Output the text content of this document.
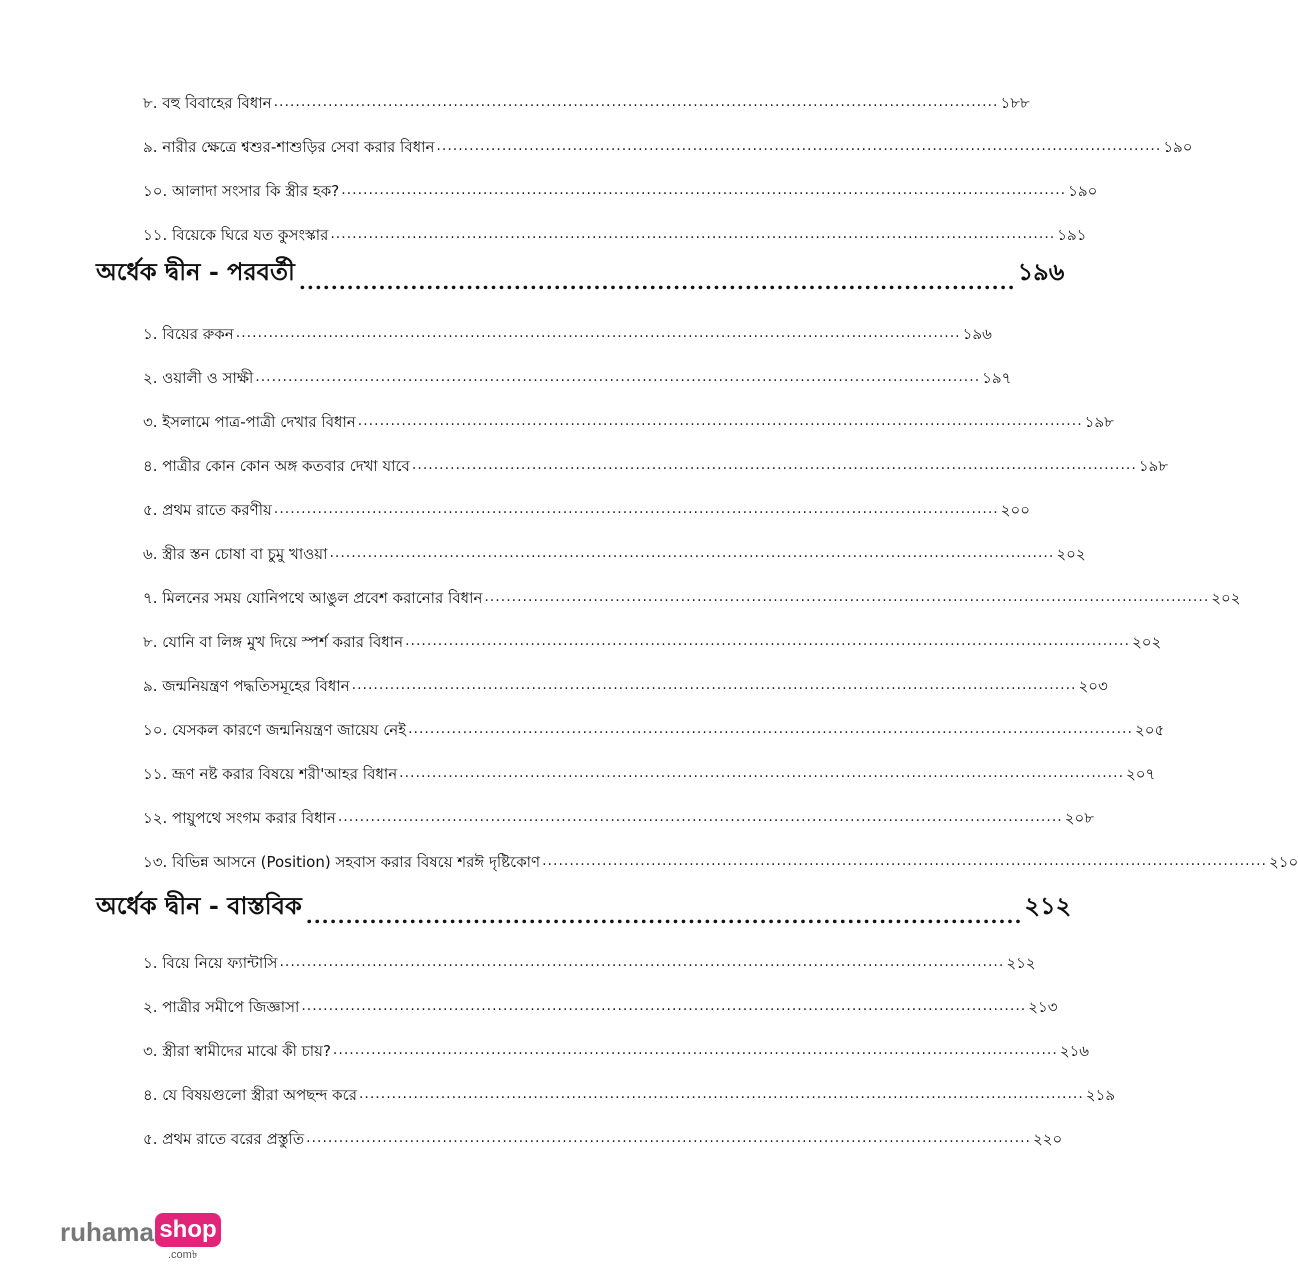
৮. বহু বিবাহের বিধান ..................................................................................................................................... ১৮৮
৯. নারীর ক্ষেত্রে শ্বশুর-শাশুড়ির সেবা করার বিধান ..................................................................................................................................... ১৯০
১০. আলাদা সংসার কি স্ত্রীর হক? ..................................................................................................................................... ১৯০
১১. বিয়েকে ঘিরে যত কুসংস্কার ..................................................................................................................................... ১৯১
অর্ধেক দ্বীন - পরবর্তী .......................................................................................... ১৯৬
১. বিয়ের রুকন ..................................................................................................................................... ১৯৬
২. ওয়ালী ও সাক্ষী ..................................................................................................................................... ১৯৭
৩. ইসলামে পাত্র-পাত্রী দেখার বিধান ..................................................................................................................................... ১৯৮
৪. পাত্রীর কোন কোন অঙ্গ কতবার দেখা যাবে ..................................................................................................................................... ১৯৮
৫. প্রথম রাতে করণীয় ..................................................................................................................................... ২০০
৬. স্ত্রীর স্তন চোষা বা চুমু খাওয়া ..................................................................................................................................... ২০২
৭. মিলনের সময় যোনিপথে আঙুল প্রবেশ করানোর বিধান ..................................................................................................................................... ২০২
৮. যোনি বা লিঙ্গ মুখ দিয়ে স্পর্শ করার বিধান ..................................................................................................................................... ২০২
৯. জন্মনিয়ন্ত্রণ পদ্ধতিসমূহের বিধান ..................................................................................................................................... ২০৩
১০. যেসকল কারণে জন্মনিয়ন্ত্রণ জায়েয নেই ..................................................................................................................................... ২০৫
১১. ভ্রূণ নষ্ট করার বিষয়ে শরী'আহর বিধান ..................................................................................................................................... ২০৭
১২. পায়ুপথে সংগম করার বিধান ..................................................................................................................................... ২০৮
১৩. বিভিন্ন আসনে (Position) সহবাস করার বিষয়ে শরঈ দৃষ্টিকোণ ..................................................................................................................................... ২১০
অর্ধেক দ্বীন - বাস্তবিক .......................................................................................... ২১২
১. বিয়ে নিয়ে ফ্যান্টাসি ..................................................................................................................................... ২১২
২. পাত্রীর সমীপে জিজ্ঞাসা ..................................................................................................................................... ২১৩
৩. স্ত্রীরা স্বামীদের মাঝে কী চায়? ..................................................................................................................................... ২১৬
৪. যে বিষয়গুলো স্ত্রীরা অপছন্দ করে ..................................................................................................................................... ২১৯
৫. প্রথম রাতে বরের প্রস্তুতি ..................................................................................................................................... ২২০
ruhama shop
.com৳
